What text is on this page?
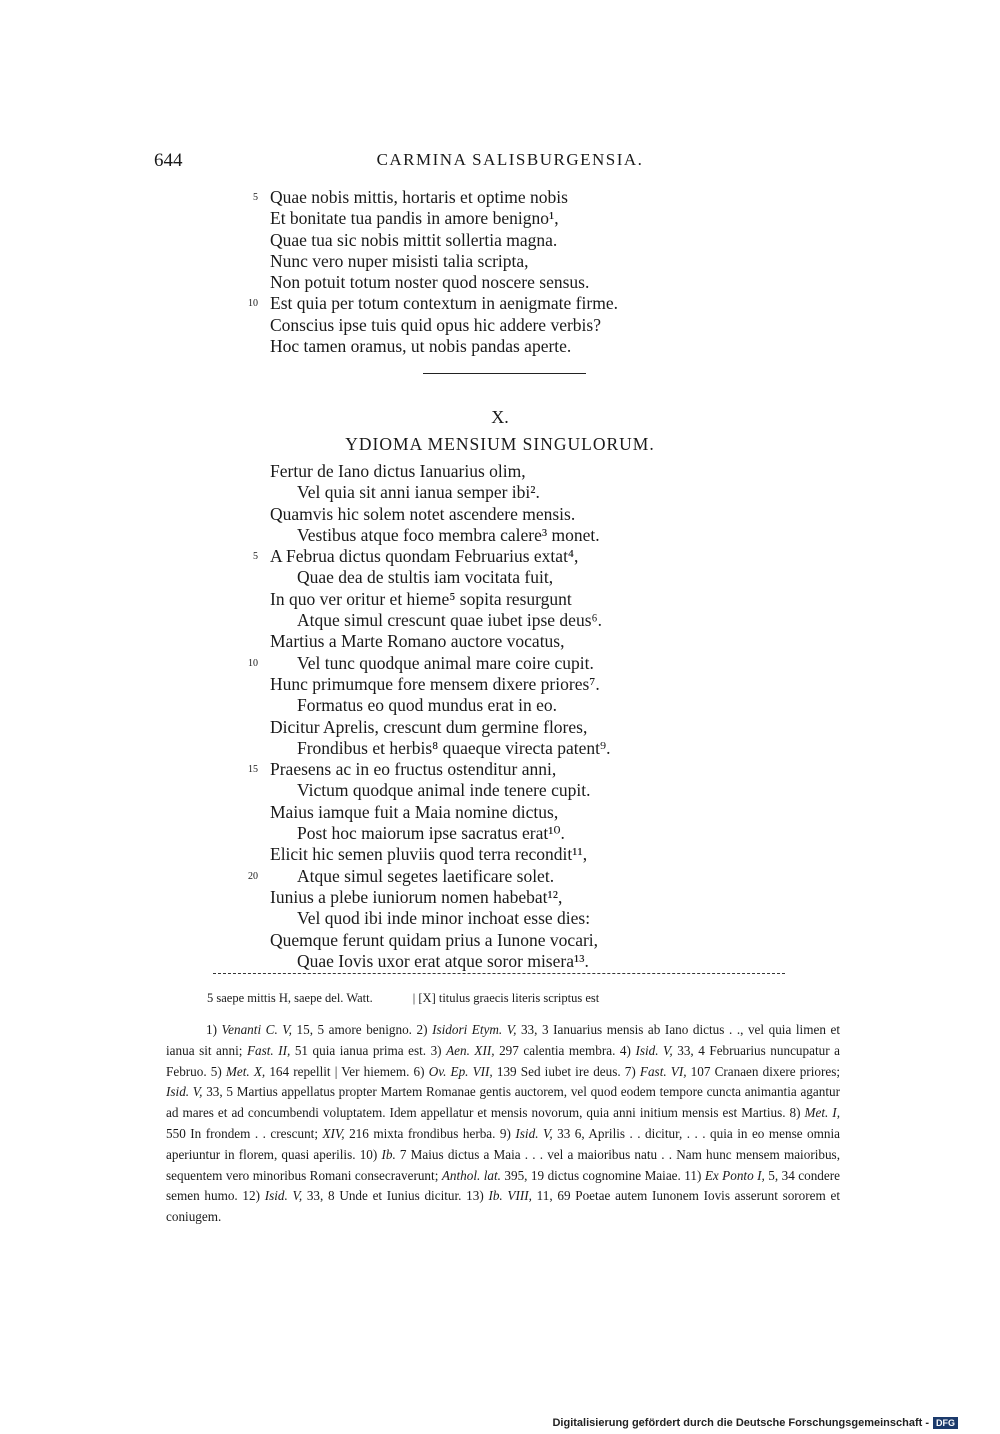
644	CARMINA SALISBURGENSIA.
5 Quae nobis mittis, hortaris et optime nobis
Et bonitate tua pandis in amore benigno¹,
Quae tua sic nobis mittit sollertia magna.
Nunc vero nuper misisti talia scripta,
Non potuit totum noster quod noscere sensus.
10 Est quia per totum contextum in aenigmate firme.
Conscius ipse tuis quid opus hic addere verbis?
Hoc tamen oramus, ut nobis pandas aperte.
X.
YDIOMA MENSIUM SINGULORUM.
Fertur de Iano dictus Ianuarius olim,
Vel quia sit anni ianua semper ibi².
Quamvis hic solem notet ascendere mensis.
Vestibus atque foco membra calere³ monet.
5 A Februa dictus quondam Februarius extat⁴,
Quae dea de stultis iam vocitata fuit,
In quo ver oritur et hieme⁵ sopita resurgunt
Atque simul crescunt quae iubet ipse deus⁶.
Martius a Marte Romano auctore vocatus,
10 Vel tunc quodque animal mare coire cupit.
Hunc primumque fore mensem dixere priores⁷.
Formatus eo quod mundus erat in eo.
Dicitur Aprelis, crescunt dum germine flores,
Frondibus et herbis⁸ quaeque virecta patent⁹.
15 Praesens ac in eo fructus ostenditur anni,
Victum quodque animal inde tenere cupit.
Maius iamque fuit a Maia nomine dictus,
Post hoc maiorum ipse sacratus erat¹⁰.
Elicit hic semen pluviis quod terra recondit¹¹,
20 Atque simul segetes laetificare solet.
Iunius a plebe iuniorum nomen habebat¹²,
Vel quod ibi inde minor inchoat esse dies:
Quemque ferunt quidam prius a Iunone vocari,
Quae Iovis uxor erat atque soror misera¹³.
5 saepe mittis H, saepe del. Watt.	| [X] titulus graecis literis scriptus est
1) Venanti C. V, 15, 5 amore benigno. 2) Isidori Etym. V, 33, 3 Ianuarius mensis ab Iano dictus . ., vel quia limen et ianua sit anni; Fast. II, 51 quia ianua prima est. 3) Aen. XII, 297 calentia membra. 4) Isid. V, 33, 4 Februarius nuncupatur a Februo. 5) Met. X, 164 repellit | Ver hiemem. 6) Ov. Ep. VII, 139 Sed iubet ire deus. 7) Fast. VI, 107 Cranaen dixere priores; Isid. V, 33, 5 Martius appellatus propter Martem Romanae gentis auctorem, vel quod eodem tempore cuncta animantia agantur ad mares et ad concumbendi voluptatem. Idem appellatur et mensis novorum, quia anni initium mensis est Martius. 8) Met. I, 550 In frondem . . crescunt; XIV, 216 mixta frondibus herba. 9) Isid. V, 33 6, Aprilis . . dicitur, . . . quia in eo mense omnia aperiuntur in florem, quasi aperilis. 10) Ib. 7 Maius dictus a Maia . . . vel a maioribus natu . . Nam hunc mensem maioribus, sequentem vero minoribus Romani consecraverunt; Anthol. lat. 395, 19 dictus cognomine Maiae. 11) Ex Ponto I, 5, 34 condere semen humo. 12) Isid. V, 33, 8 Unde et Iunius dicitur. 13) Ib. VIII, 11, 69 Poetae autem Iunonem Iovis asserunt sororem et coniugem.
Digitalisierung gefördert durch die Deutsche Forschungsgemeinschaft - DFG
